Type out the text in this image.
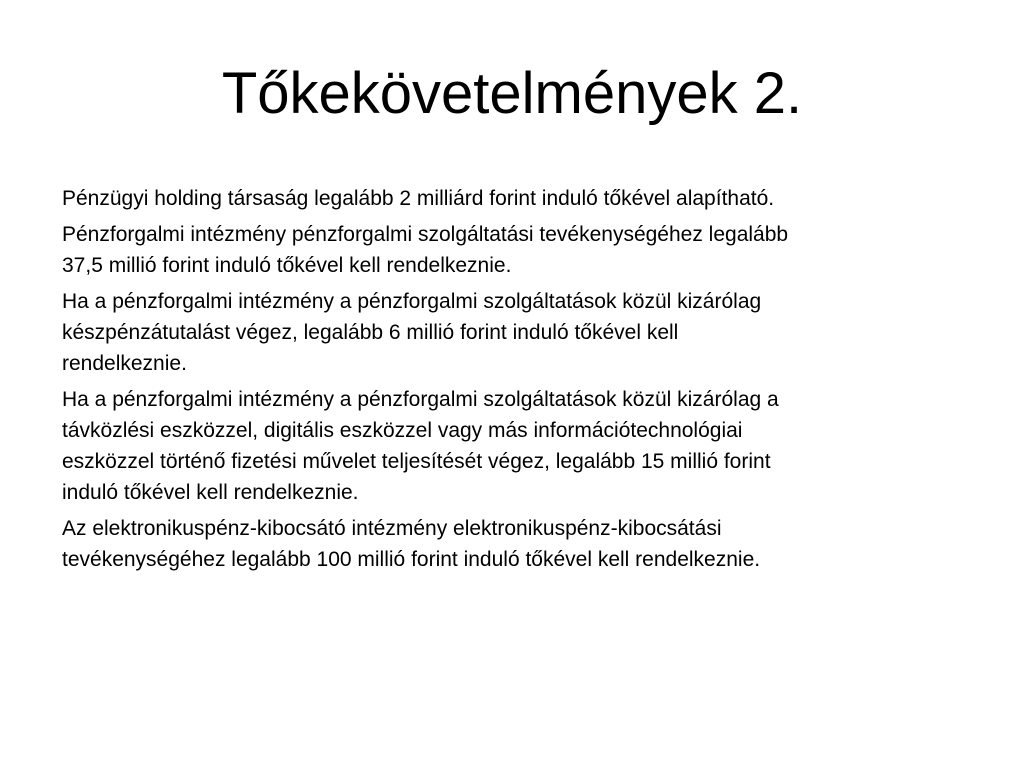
Tőkekövetelmények 2.

Pénzügyi holding társaság legalább 2 milliárd forint induló tőkével alapítható.

Pénzforgalmi intézmény pénzforgalmi szolgáltatási tevékenységéhez legalább
37,5 millió forint induló tőkével kell rendelkeznie.

Ha a pénzforgalmi intézmény a pénzforgalmi szolgáltatások közül kizárólag
készpénzátutalást végez, legalább 6 millió forint induló tőkével kell
rendelkeznie.

Ha a pénzforgalmi intézmény a pénzforgalmi szolgáltatások közül kizárólag a
távközlési eszközzel, digitális eszközzel vagy más információtechnológiai
eszközzel történő fizetési művelet teljesítését végez, legalább 15 millió forint
induló tőkével kell rendelkeznie.

Az elektronikuspénz-kibocsátó intézmény elektronikuspénz-kibocsátási
tevékenységéhez legalább 100 millió forint induló tőkével kell rendelkeznie.
